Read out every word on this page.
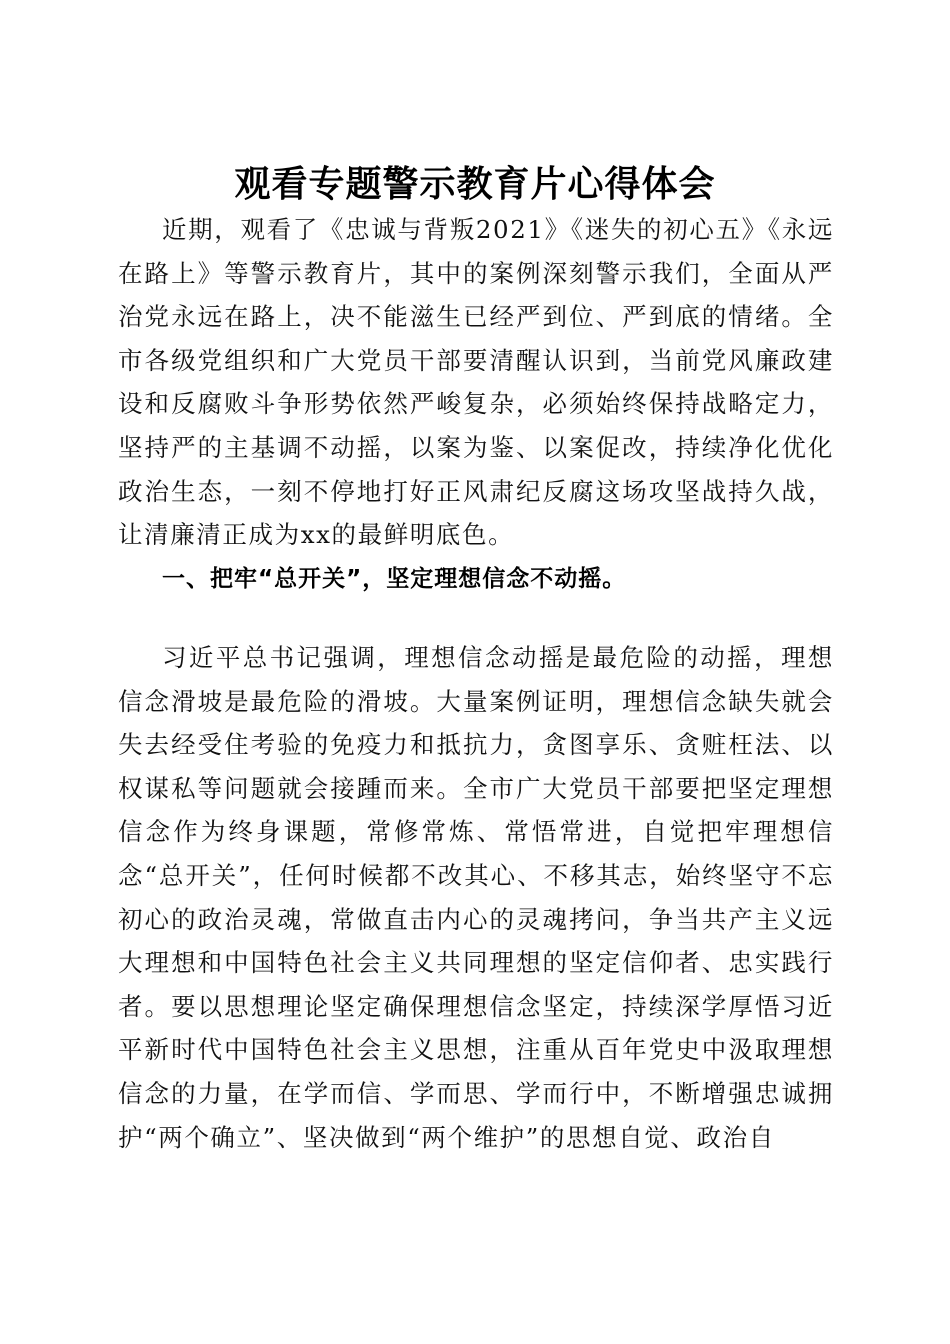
观看专题警示教育片心得体会

近期，观看了《忠诚与背叛2021》《迷失的初心五》《永远在路上》等警示教育片，其中的案例深刻警示我们，全面从严治党永远在路上，决不能滋生已经严到位、严到底的情绪。全市各级党组织和广大党员干部要清醒认识到，当前党风廉政建设和反腐败斗争形势依然严峻复杂，必须始终保持战略定力，坚持严的主基调不动摇，以案为鉴、以案促改，持续净化优化政治生态，一刻不停地打好正风肃纪反腐这场攻坚战持久战，让清廉清正成为xx的最鲜明底色。

一、把牢“总开关”，坚定理想信念不动摇。

习近平总书记强调，理想信念动摇是最危险的动摇，理想信念滑坡是最危险的滑坡。大量案例证明，理想信念缺失就会失去经受住考验的免疫力和抵抗力，贪图享乐、贪赃枉法、以权谋私等问题就会接踵而来。全市广大党员干部要把坚定理想信念作为终身课题，常修常炼、常悟常进，自觉把牢理想信念“总开关”，任何时候都不改其心、不移其志，始终坚守不忘初心的政治灵魂，常做直击内心的灵魂拷问，争当共产主义远大理想和中国特色社会主义共同理想的坚定信仰者、忠实践行者。要以思想理论坚定确保理想信念坚定，持续深学厚悟习近平新时代中国特色社会主义思想，注重从百年党史中汲取理想信念的力量，在学而信、学而思、学而行中，不断增强忠诚拥护“两个确立”、坚决做到“两个维护”的思想自觉、政治自
